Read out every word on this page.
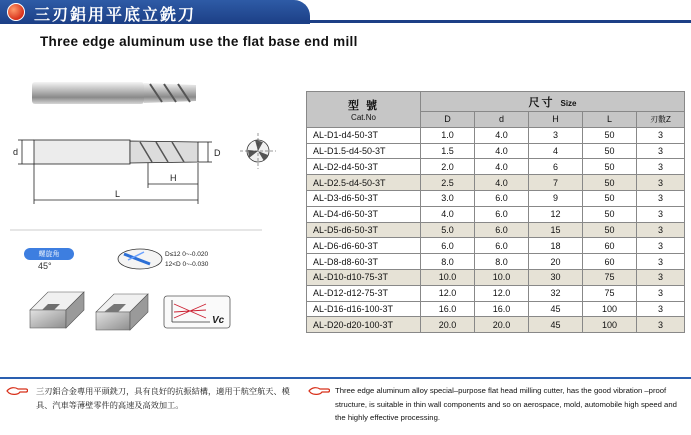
三刃鋁用平底立銑刀
Three edge aluminum use the flat base end mill
d	D
H
L
D≤12 0~-0.020
12<D 0~-0.030
Vc
螺旋角
45°
型 號
Cat.No	尺寸 Size				
	D	d	H	L	刃數Z
AL-D1-d4-50-3T	1.0	4.0	3	50	3
AL-D1.5-d4-50-3T	1.5	4.0	4	50	3
AL-D2-d4-50-3T	2.0	4.0	6	50	3
AL-D2.5-d4-50-3T	2.5	4.0	7	50	3
AL-D3-d6-50-3T	3.0	6.0	9	50	3
AL-D4-d6-50-3T	4.0	6.0	12	50	3
AL-D5-d6-50-3T	5.0	6.0	15	50	3
AL-D6-d6-60-3T	6.0	6.0	18	60	3
AL-D8-d8-60-3T	8.0	8.0	20	60	3
AL-D10-d10-75-3T	10.0	10.0	30	75	3
AL-D12-d12-75-3T	12.0	12.0	32	75	3
AL-D16-d16-100-3T	16.0	16.0	45	100	3
AL-D20-d20-100-3T	20.0	20.0	45	100	3
三刃鋁合金專用平頭銑刀，具有良好的抗振結構，適用于航空航天、模具、汽車等薄壁零件的高速及高效加工。
Three edge aluminum alloy special–purpose flat head milling cutter, has the good vibration –proof structure, is suitable in thin wall components and so on aerospace, mold, automobile high speed and the highly effective processing.
